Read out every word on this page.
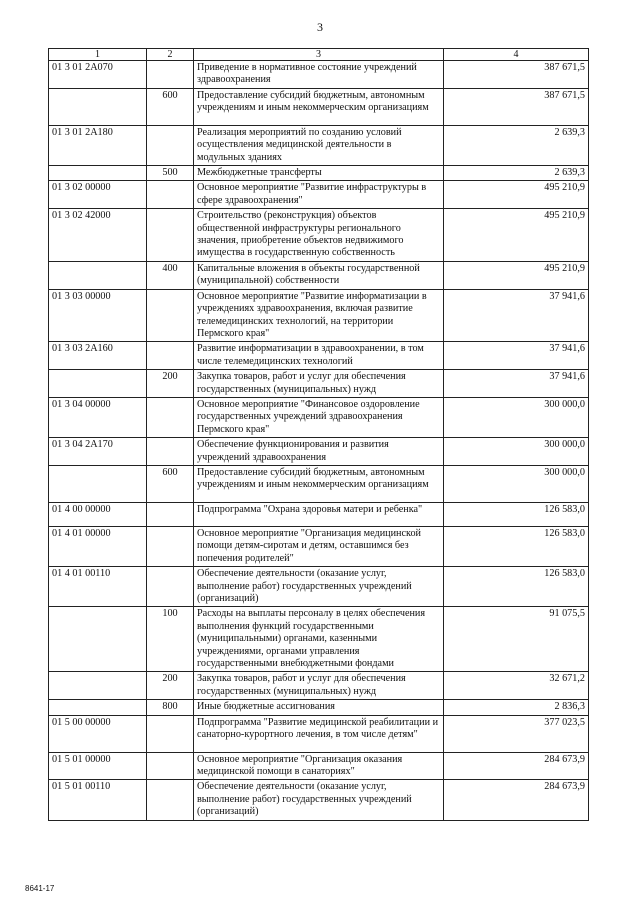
3
1	2	3	4
01 3 01 2А070		Приведение в нормативное состояние учреждений здравоохранения	387 671,5
	600	Предоставление субсидий бюджетным, автономным учреждениям и иным некоммерческим организациям	387 671,5
01 3 01 2А180		Реализация мероприятий по созданию условий осуществления медицинской деятельности в модульных зданиях	2 639,3
	500	Межбюджетные трансферты	2 639,3
01 3 02 00000		Основное мероприятие "Развитие инфраструктуры в сфере здравоохранения"	495 210,9
01 3 02 42000		Строительство (реконструкция) объектов общественной инфраструктуры регионального значения, приобретение объектов недвижимого имущества в государственную собственность	495 210,9
	400	Капитальные вложения в объекты государственной (муниципальной) собственности	495 210,9
01 3 03 00000		Основное мероприятие "Развитие информатизации в учреждениях здравоохранения, включая развитие телемедицинских технологий, на территории Пермского края"	37 941,6
01 3 03 2А160		Развитие информатизации в здравоохранении, в том числе телемедицинских технологий	37 941,6
	200	Закупка товаров, работ и услуг для обеспечения государственных (муниципальных) нужд	37 941,6
01 3 04 00000		Основное мероприятие "Финансовое оздоровление государственных учреждений здравоохранения Пермского края"	300 000,0
01 3 04 2А170		Обеспечение функционирования и развития учреждений здравоохранения	300 000,0
	600	Предоставление субсидий бюджетным, автономным учреждениям и иным некоммерческим организациям	300 000,0
01 4 00 00000		Подпрограмма "Охрана здоровья матери и ребенка"	126 583,0
01 4 01 00000		Основное мероприятие "Организация медицинской помощи детям-сиротам и детям, оставшимся без попечения родителей"	126 583,0
01 4 01 00110		Обеспечение деятельности (оказание услуг, выполнение работ) государственных учреждений (организаций)	126 583,0
	100	Расходы на выплаты персоналу в целях обеспечения выполнения функций государственными (муниципальными) органами, казенными учреждениями, органами управления государственными внебюджетными фондами	91 075,5
	200	Закупка товаров, работ и услуг для обеспечения государственных (муниципальных) нужд	32 671,2
	800	Иные бюджетные ассигнования	2 836,3
01 5 00 00000		Подпрограмма "Развитие медицинской реабилитации и санаторно-курортного лечения, в том числе детям"	377 023,5
01 5 01 00000		Основное мероприятие "Организация оказания медицинской помощи в санаториях"	284 673,9
01 5 01 00110		Обеспечение деятельности (оказание услуг, выполнение работ) государственных учреждений (организаций)	284 673,9
8641-17
